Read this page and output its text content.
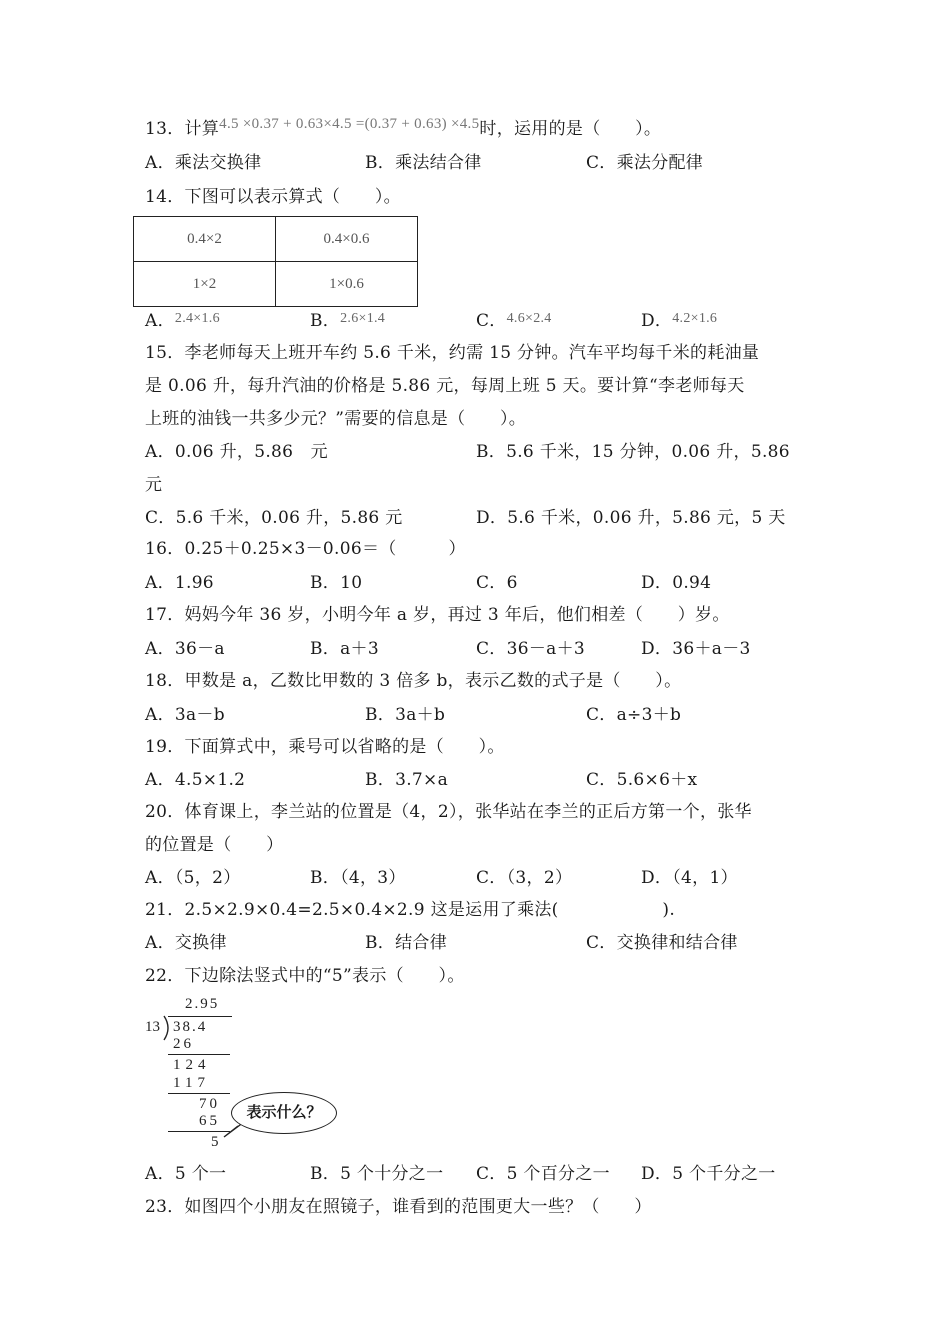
13．计算4.5 ×0.37 + 0.63×4.5 =(0.37 + 0.63) ×4.5时，运用的是（　　）。
A．乘法交换律	B．乘法结合律	C．乘法分配律
14．下图可以表示算式（　　）。
0.4×2	0.4×0.6
1×2	1×0.6
A．$^{2.4\times 1.6}$	B．$^{2.6\times 1.4}$	C．$^{4.6\times 2.4}$	D．$^{4.2\times 1.6}$
15．李老师每天上班开车约 5.6 千米，约需 15 分钟。汽车平均每千米的耗油量
是 0.06 升，每升汽油的价格是 5.86 元，每周上班 5 天。要计算“李老师每天
上班的油钱一共多少元？”需要的信息是（　　）。
A．0.06 升，5.86　元	B．5.6 千米，15 分钟，0.06 升，5.86
元
C．5.6 千米，0.06 升，5.86 元	D．5.6 千米，0.06 升，5.86 元，5 天
16．0.25＋0.25×3－0.06＝（　　　）
A．1.96	B．10	C．6	D．0.94
17．妈妈今年 36 岁，小明今年 a 岁，再过 3 年后，他们相差（　　）岁。
A．36－a	B．a＋3	C．36－a＋3	D．36＋a－3
18．甲数是 a，乙数比甲数的 3 倍多 b，表示乙数的式子是（　　）。
A．3a－b	B．3a＋b	C．a÷3＋b
19．下面算式中，乘号可以省略的是（　　）。
A．4.5×1.2	B．3.7×a	C．5.6×6＋x
20．体育课上，李兰站的位置是（4，2），张华站在李兰的正后方第一个，张华
的位置是（　　）
A．（5，2）	B．（4，3）	C．（3，2）	D．（4，1）
21．2.5×2.9×0.4=2.5×0.4×2.9 这是运用了乘法(　　　　　　).
A．交换律	B．结合律	C．交换律和结合律
22．下边除法竖式中的“5”表示（　　）。
2.95
13 38.4
26
124
117
70
65
5
表示什么？
A．5 个一	B．5 个十分之一 C．5 个百分之一 D．5 个千分之一
23．如图四个小朋友在照镜子，谁看到的范围更大一些？（　　）
